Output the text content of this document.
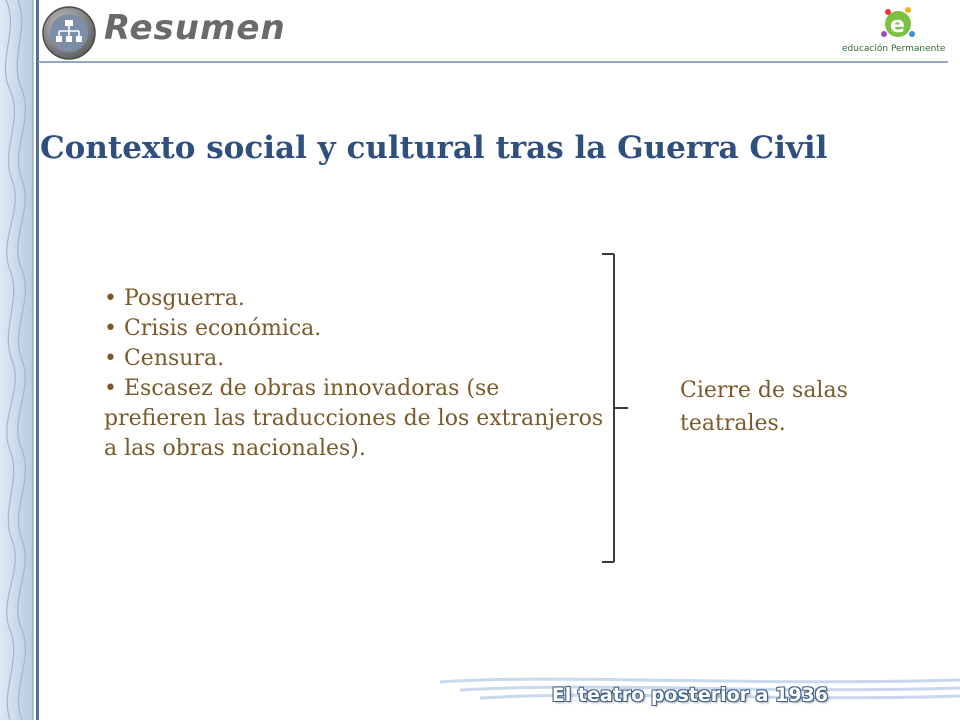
Resumen	e
educación Permanente
Contexto social y cultural tras la Guerra Civil

• Posguerra.

• Crisis económica.

• Censura.

• Escasez de obras innovadoras (se prefieren las traducciones de los extranjeros a las obras nacionales).

Cierre de salas teatrales.
El teatro posterior a 1936
